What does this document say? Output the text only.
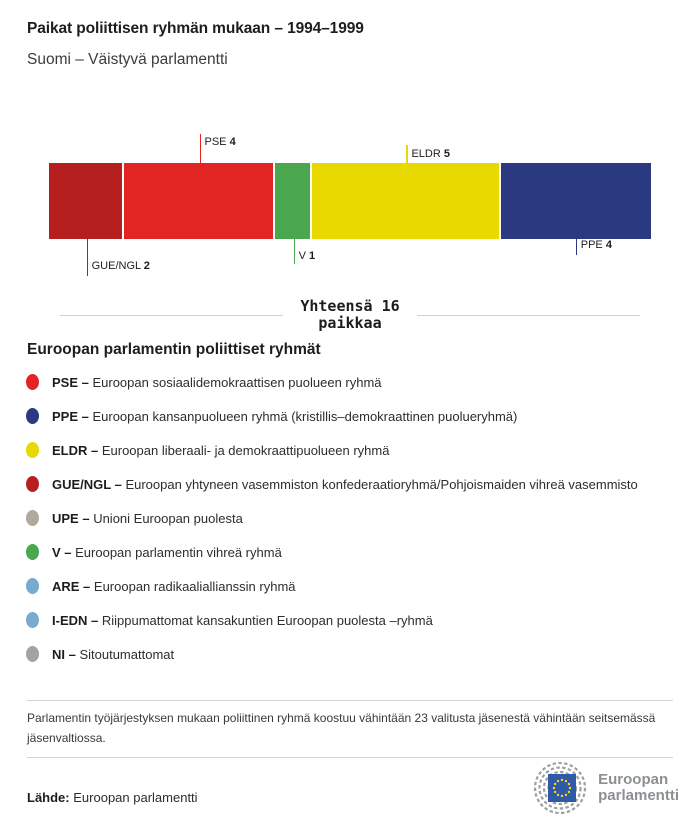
Paikat poliittisen ryhmän mukaan – 1994–1999
Suomi – Väistyvä parlamentti
GUE/NGL 2
PSE 4
V 1
ELDR 5
PPE 4
Yhteensä 16
paikkaa
Euroopan parlamentin poliittiset ryhmät
PSE – Euroopan sosiaalidemokraattisen puolueen ryhmä
PPE – Euroopan kansanpuolueen ryhmä (kristillis–demokraattinen puolueryhmä)
ELDR – Euroopan liberaali- ja demokraattipuolueen ryhmä
GUE/NGL – Euroopan yhtyneen vasemmiston konfederaatioryhmä/Pohjoismaiden vihreä vasemmisto
UPE – Unioni Euroopan puolesta
V – Euroopan parlamentin vihreä ryhmä
ARE – Euroopan radikaaliallianssin ryhmä
I-EDN – Riippumattomat kansakuntien Euroopan puolesta –ryhmä
NI – Sitoutumattomat
Parlamentin työjärjestyksen mukaan poliittinen ryhmä koostuu vähintään 23 valitusta jäsenestä vähintään seitsemässä jäsenvaltiossa.
Lähde: Euroopan parlamentti
Euroopan
parlamentti
